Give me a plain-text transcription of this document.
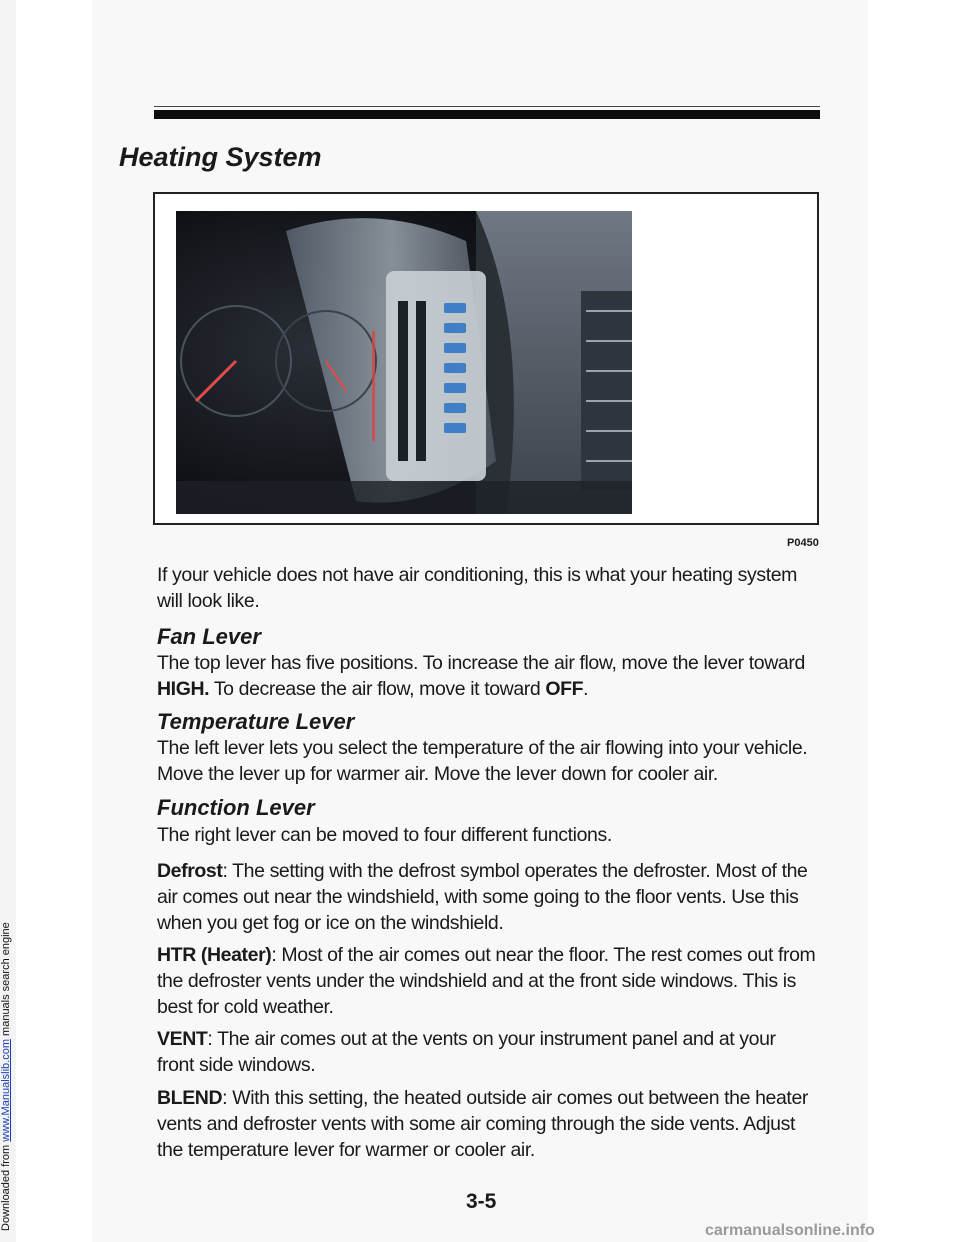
Downloaded from www.Manualslib.com manuals search engine
Heating System
P0450

If your vehicle does not have air conditioning, this is what your heating system will look like.

Fan Lever

The top lever has five positions. To increase the air flow, move the lever toward HIGH. To decrease the air flow, move it toward OFF.

Temperature Lever

The left lever lets you select the temperature of the air flowing into your vehicle. Move the lever up for warmer air. Move the lever down for cooler air.

Function Lever

The right lever can be moved to four different functions.

Defrost: The setting with the defrost symbol operates the defroster. Most of the air comes out near the windshield, with some going to the floor vents. Use this when you get fog or ice on the windshield.

HTR (Heater): Most of the air comes out near the floor. The rest comes out from the defroster vents under the windshield and at the front side windows. This is best for cold weather.

VENT: The air comes out at the vents on your instrument panel and at your front side windows.

BLEND: With this setting, the heated outside air comes out between the heater vents and defroster vents with some air coming through the side vents. Adjust the temperature lever for warmer or cooler air.

3-5
carmanualsonline.info
